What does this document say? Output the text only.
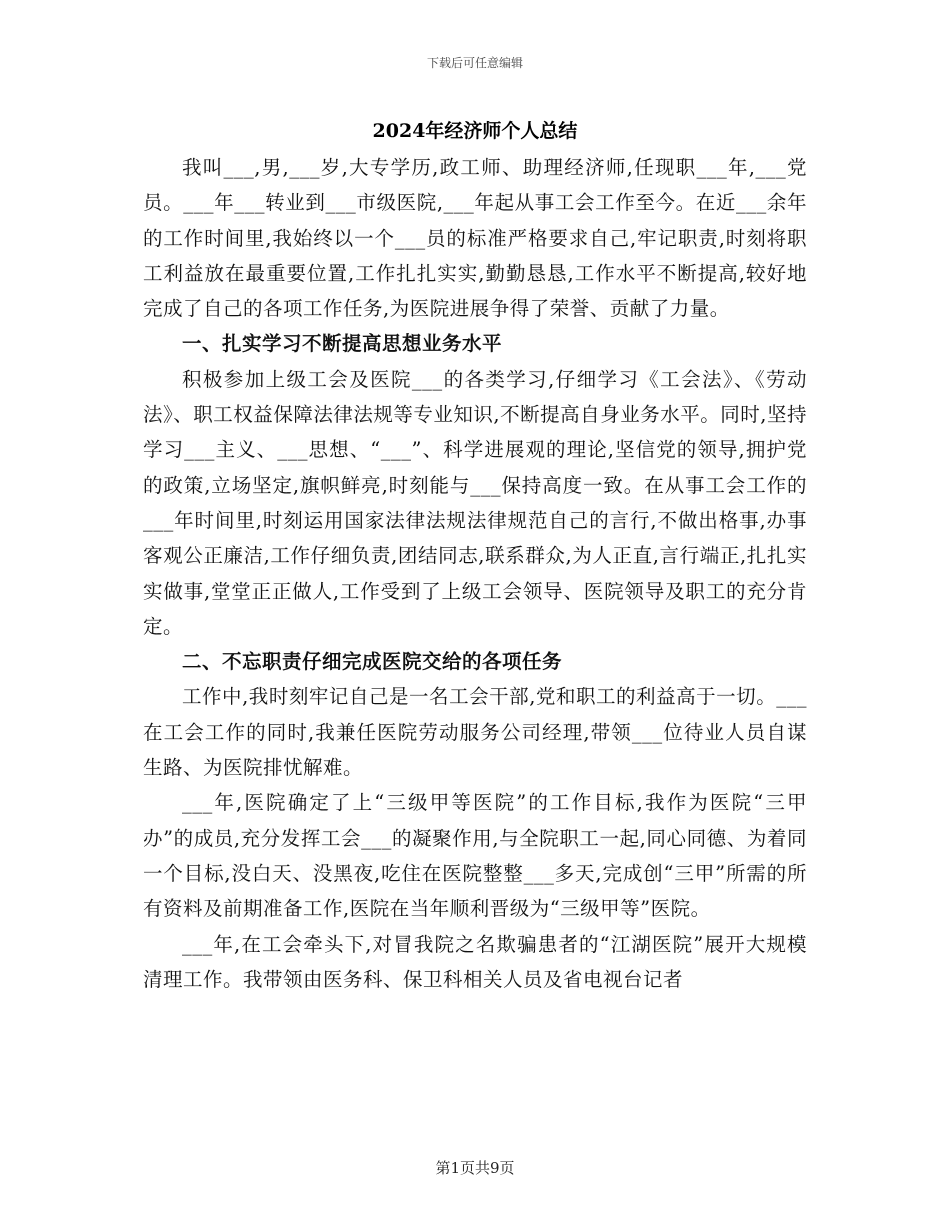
下载后可任意编辑
2024年经济师个人总结

我叫___,男,___岁,大专学历,政工师、助理经济师,任现职___年,___党员。___年___转业到___市级医院,___年起从事工会工作至今。在近___余年的工作时间里,我始终以一个___员的标准严格要求自己,牢记职责,时刻将职工利益放在最重要位置,工作扎扎实实,勤勤恳恳,工作水平不断提高,较好地完成了自己的各项工作任务,为医院进展争得了荣誉、贡献了力量。

一、扎实学习不断提高思想业务水平

积极参加上级工会及医院___的各类学习,仔细学习《工会法》、《劳动法》、职工权益保障法律法规等专业知识,不断提高自身业务水平。同时,坚持学习___主义、___思想、“___”、科学进展观的理论,坚信党的领导,拥护党的政策,立场坚定,旗帜鲜亮,时刻能与___保持高度一致。在从事工会工作的___年时间里,时刻运用国家法律法规法律规范自己的言行,不做出格事,办事客观公正廉洁,工作仔细负责,团结同志,联系群众,为人正直,言行端正,扎扎实实做事,堂堂正正做人,工作受到了上级工会领导、医院领导及职工的充分肯定。

二、不忘职责仔细完成医院交给的各项任务

工作中,我时刻牢记自己是一名工会干部,党和职工的利益高于一切。___在工会工作的同时,我兼任医院劳动服务公司经理,带领___位待业人员自谋生路、为医院排忧解难。

___年,医院确定了上“三级甲等医院”的工作目标,我作为医院“三甲办”的成员,充分发挥工会___的凝聚作用,与全院职工一起,同心同德、为着同一个目标,没白天、没黑夜,吃住在医院整整___多天,完成创“三甲”所需的所有资料及前期准备工作,医院在当年顺利晋级为“三级甲等”医院。

___年,在工会牵头下,对冒我院之名欺骗患者的“江湖医院”展开大规模清理工作。我带领由医务科、保卫科相关人员及省电视台记者

第1页共9页
